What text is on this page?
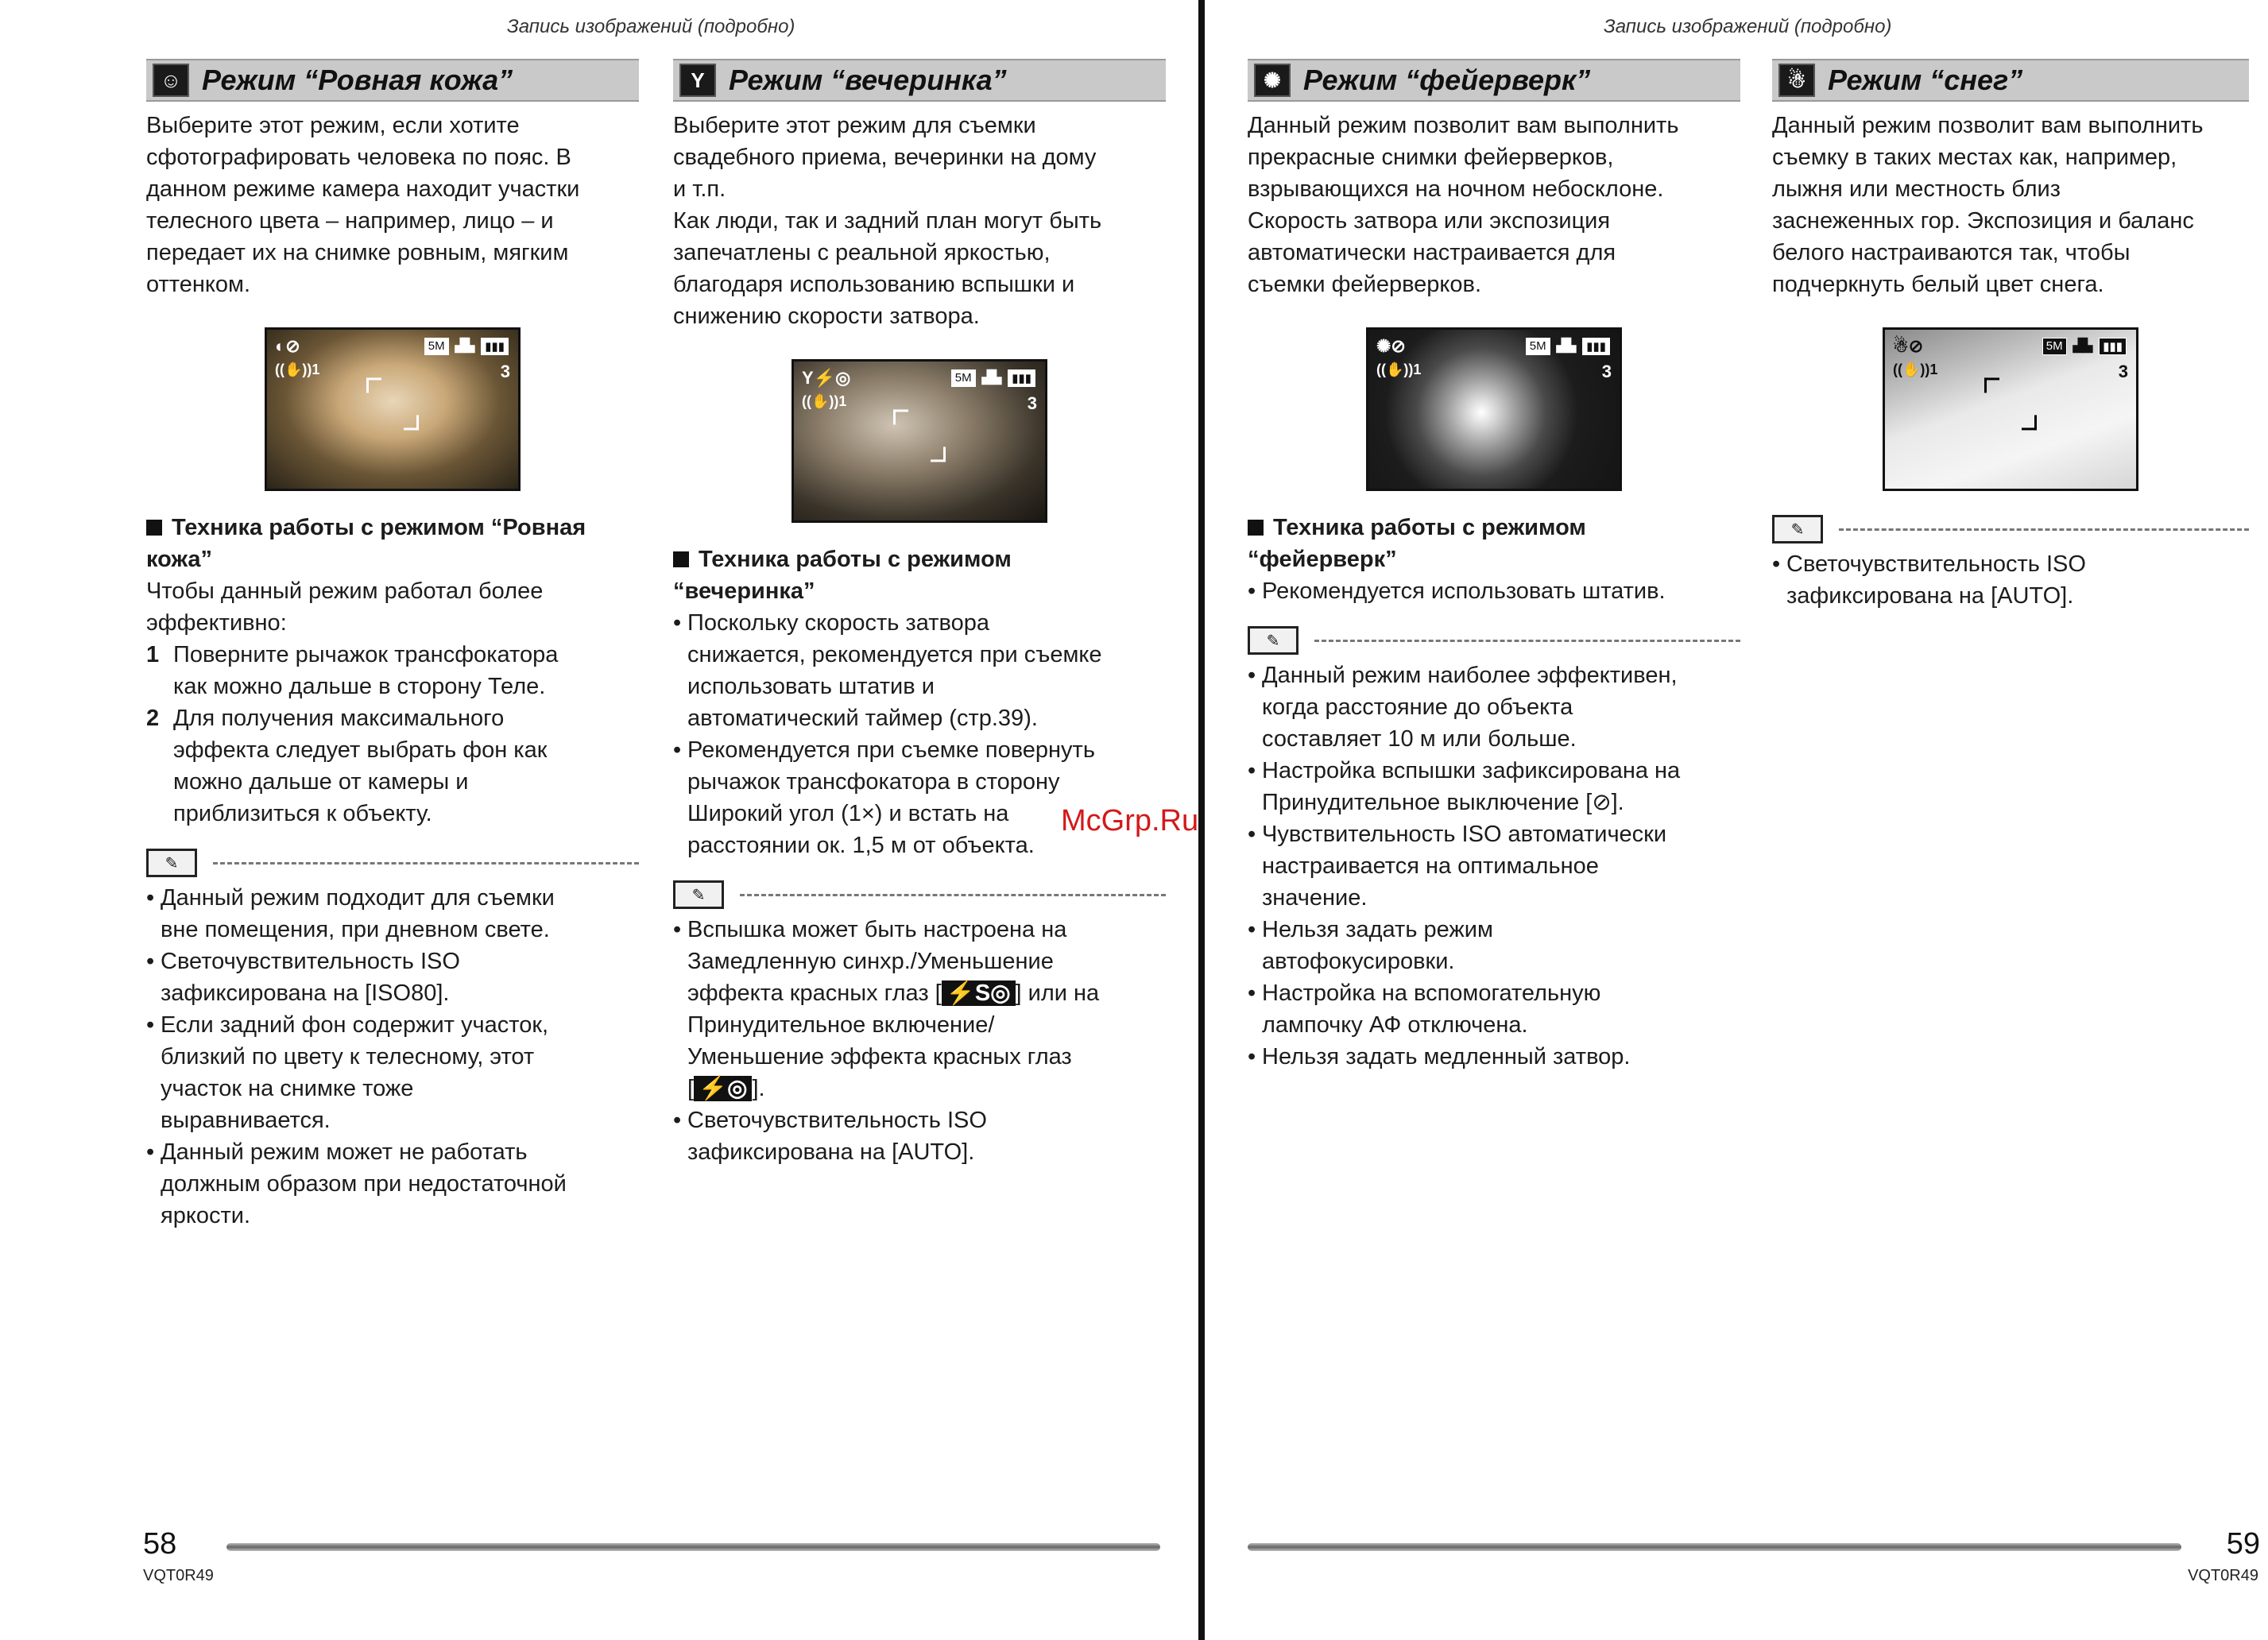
Запись изображений (подробно)
☺ Режим “Ровная кожа”
Выберите этот режим, если хотите
сфотографировать человека по пояс. В
данном режиме камера находит участки
телесного цвета – например, лицо – и
передает их на снимке ровным, мягким
оттенком.
◐⊘
((✋))1
5M ▟▙ ▮▮▮
3
Техника работы с режимом “Ровная
кожа”
Чтобы данный режим работал более
эффективно:
1 Поверните рычажок трансфокатора
как можно дальше в сторону Теле.
2 Для получения максимального
эффекта следует выбрать фон как
можно дальше от камеры и
приблизиться к объекту.
✎
• Данный режим подходит для съемки
вне помещения, при дневном свете.
• Светочувствительность ISO
зафиксирована на [ISO80].
• Если задний фон содержит участок,
близкий по цвету к телесному, этот
участок на снимке тоже
выравнивается.
• Данный режим может не работать
должным образом при недостаточной
яркости.
Y Режим “вечеринка”
Выберите этот режим для съемки
свадебного приема, вечеринки на дому
и т.п.
Как люди, так и задний план могут быть
запечатлены с реальной яркостью,
благодаря использованию вспышки и
снижению скорости затвора.
Y⚡◎
((✋))1
5M ▟▙ ▮▮▮
3
Техника работы с режимом
“вечеринка”
• Поскольку скорость затвора
снижается, рекомендуется при съемке
использовать штатив и
автоматический таймер (стр.39).
• Рекомендуется при съемке повернуть
рычажок трансфокатора в сторону
Широкий угол (1×) и встать на
расстоянии ок. 1,5 м от объекта.
✎
• Вспышка может быть настроена на
Замедленную синхр./Уменьшение
эффекта красных глаз [ ⚡S◎ ] или на
Принудительное включение/
Уменьшение эффекта красных глаз
[ ⚡◎ ].
• Светочувствительность ISO
зафиксирована на [AUTO].
McGrp.Ru
58
VQT0R49
Запись изображений (подробно)
✺ Режим “фейерверк”
Данный режим позволит вам выполнить
прекрасные снимки фейерверков,
взрывающихся на ночном небосклоне.
Скорость затвора или экспозиция
автоматически настраивается для
съемки фейерверков.
✺⊘
((✋))1
5M ▟▙ ▮▮▮
3
Техника работы с режимом
“фейерверк”
• Рекомендуется использовать штатив.
✎
• Данный режим наиболее эффективен,
когда расстояние до объекта
составляет 10 м или больше.
• Настройка вспышки зафиксирована на
Принудительное выключение [⊘].
• Чувствительность ISO автоматически
настраивается на оптимальное
значение.
• Нельзя задать режим
автофокусировки.
• Настройка на вспомогательную
лампочку АФ отключена.
• Нельзя задать медленный затвор.
☃ Режим “снег”
Данный режим позволит вам выполнить
съемку в таких местах как, например,
лыжня или местность близ
заснеженных гор. Экспозиция и баланс
белого настраиваются так, чтобы
подчеркнуть белый цвет снега.
☃⊘
((✋))1
5M ▟▙ ▮▮▮
3
✎
• Светочувствительность ISO
зафиксирована на [AUTO].
59
VQT0R49
